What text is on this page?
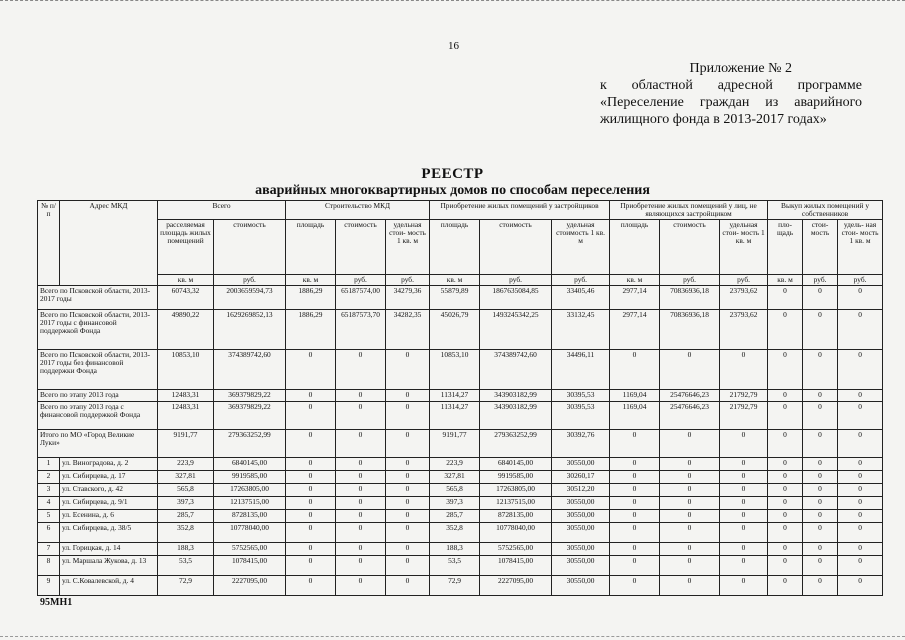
16
Приложение № 2
к областной адресной программе
«Переселение граждан из аварийного
жилищного фонда в 2013-2017 годах»
РЕЕСТР
аварийных многоквартирных домов по способам переселения
№ п/п	Адрес МКД	Всего		Строительство МКД			Приобретение жилых помещений у застройщиков			Приобретение жилых помещений у лиц, не являющихся застройщиком			Выкуп жилых помещений у собственников		
		расселяемая площадь жилых помещений	стоимость	площадь	стоимость	удельная стои- мость 1 кв. м	площадь	стоимость	удельная стоимость 1 кв. м	площадь	стоимость	удельная стои- мость 1 кв. м	пло- щадь	стои- мость	удель- ная стои- мость 1 кв. м
		кв. м	руб.	кв. м	руб.	руб.	кв. м	руб.	руб.	кв. м	руб.	руб.	кв. м	руб.	руб.
Всего по Псковской области, 2013-2017 годы		60743,32	2003659594,73	1886,29	65187574,00	34279,36	55879,89	1867635084,85	33405,46	2977,14	70836936,18	23793,62	0	0	0
Всего по Псковской области, 2013-2017 годы с финансовой поддержкой Фонда		49890,22	1629269852,13	1886,29	65187573,70	34282,35	45026,79	1493245342,25	33132,45	2977,14	70836936,18	23793,62	0	0	0
Всего по Псковской области, 2013-2017 годы без финансовой поддержки Фонда		10853,10	374389742,60	0	0	0	10853,10	374389742,60	34496,11	0	0	0	0	0	0
Всего по этапу 2013 года		12483,31	369379829,22	0	0	0	11314,27	343903182,99	30395,53	1169,04	25476646,23	21792,79	0	0	0
Всего по этапу 2013 года с финансовой поддержкой Фонда		12483,31	369379829,22	0	0	0	11314,27	343903182,99	30395,53	1169,04	25476646,23	21792,79	0	0	0
Итого по МО «Город Великие Луки»		9191,77	279363252,99	0	0	0	9191,77	279363252,99	30392,76	0	0	0	0	0	0
1	ул. Виноградова, д. 2	223,9	6840145,00	0	0	0	223,9	6840145,00	30550,00	0	0	0	0	0	0
2	ул. Сибирцева, д. 17	327,81	9919585,00	0	0	0	327,81	9919585,00	30260,17	0	0	0	0	0	0
3	ул. Ставского, д. 42	565,8	17263805,00	0	0	0	565,8	17263805,00	30512,20	0	0	0	0	0	0
4	ул. Сибирцева, д. 9/1	397,3	12137515,00	0	0	0	397,3	12137515,00	30550,00	0	0	0	0	0	0
5	ул. Есенина, д. 6	285,7	8728135,00	0	0	0	285,7	8728135,00	30550,00	0	0	0	0	0	0
6	ул. Сибирцева, д. 38/5	352,8	10778040,00	0	0	0	352,8	10778040,00	30550,00	0	0	0	0	0	0
7	ул. Горицкая, д. 14	188,3	5752565,00	0	0	0	188,3	5752565,00	30550,00	0	0	0	0	0	0
8	ул. Маршала Жукова, д. 13	53,5	1078415,00	0	0	0	53,5	1078415,00	30550,00	0	0	0	0	0	0
9	ул. С.Ковалевской, д. 4	72,9	2227095,00	0	0	0	72,9	2227095,00	30550,00	0	0	0	0	0	0
95МН1
